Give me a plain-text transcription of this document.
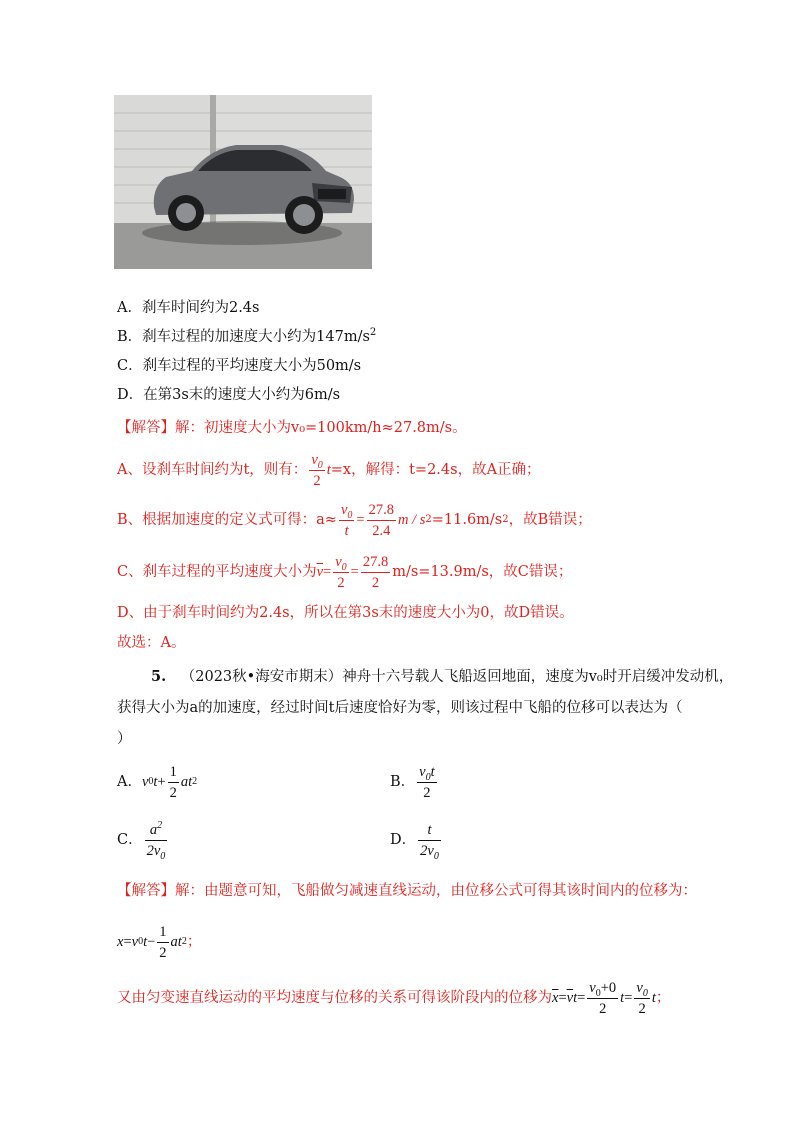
A．刹车时间约为2.4s
B．刹车过程的加速度大小约为$147m/s^2$
C．刹车过程的平均速度大小为50m/s
D．在第3s末的速度大小约为6m/s
【解答】解：初速度大小为v₀=100km/h≈27.8m/s。
A、设刹车时间约为t，则有： $\frac{v_0}{2}$ t =x，解得：t=2.4s，故A正确；
B、根据加速度的定义式可得：$a\approx \frac{v_0}{t} = \frac{27.8}{2.4}$ m / s 2 =11.6m/s 2 ，故B错误；
C、刹车过程的平均速度大小为 $\overline{v} = \frac{v_0}{2} = \frac{27.8}{2} m/s=13.9m/s$，故C错误；
D、由于刹车时间约为2.4s，所以在第3s末的速度大小为0，故D错误。
故选：A。
5. （2023秋•海安市期末）神舟十六号载人飞船返回地面，速度为v₀时开启缓冲发动机，
获得大小为a的加速度，经过时间t后速度恰好为零，则该过程中飞船的位移可以表达为（
）
A． v 0 $t + \frac{1}{2}$ at 2	B． $\frac{v_0t}{2}$
C． $\frac{a^2}{2v_0}$	D． $\frac{t}{2v_0}$
【解答】解：由题意可知，飞船做匀减速直线运动，由位移公式可得其该时间内的位移为：
x = v 0 $t - \frac{1}{2}$ at 2 ；
又由匀变速直线运动的平均速度与位移的关系可得该阶段内的位移为 $\overline{x} = \overline{v}$ $t = \frac{v_0+0}{2}$ $t = \frac{v_0}{2}$ t ；
